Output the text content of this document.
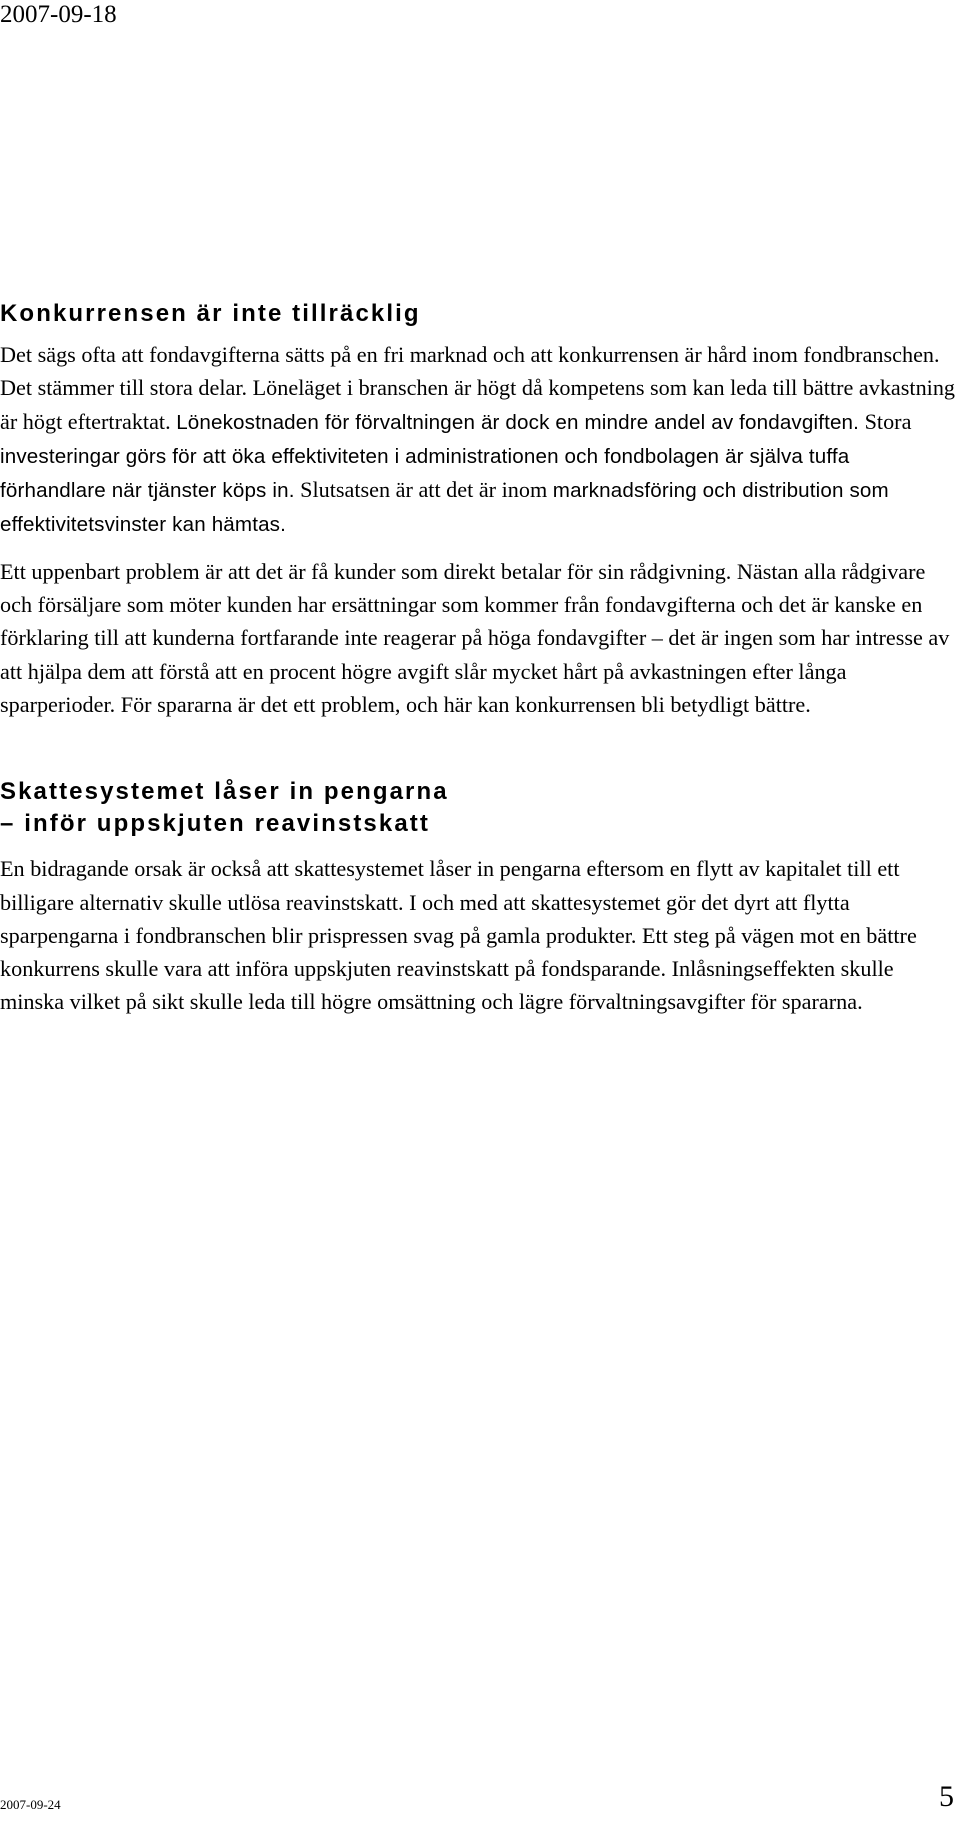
2007-09-18
Konkurrensen är inte tillräcklig

Det sägs ofta att fondavgifterna sätts på en fri marknad och att konkurrensen är hård inom fondbranschen. Det stämmer till stora delar. Löneläget i branschen är högt då kompetens som kan leda till bättre avkastning är högt eftertraktat. Lönekostnaden för förvaltningen är dock en mindre andel av fondavgiften. Stora investeringar görs för att öka effektiviteten i administrationen och fondbolagen är själva tuffa förhandlare när tjänster köps in. Slutsatsen är att det är inom marknadsföring och distribution som effektivitetsvinster kan hämtas.

Ett uppenbart problem är att det är få kunder som direkt betalar för sin rådgivning. Nästan alla rådgivare och försäljare som möter kunden har ersättningar som kommer från fondavgifterna och det är kanske en förklaring till att kunderna fortfarande inte reagerar på höga fondavgifter – det är ingen som har intresse av att hjälpa dem att förstå att en procent högre avgift slår mycket hårt på avkastningen efter långa sparperioder. För spararna är det ett problem, och här kan konkurrensen bli betydligt bättre.

Skattesystemet låser in pengarna
– inför uppskjuten reavinstskatt

En bidragande orsak är också att skattesystemet låser in pengarna eftersom en flytt av kapitalet till ett billigare alternativ skulle utlösa reavinstskatt. I och med att skattesystemet gör det dyrt att flytta sparpengarna i fondbranschen blir prispressen svag på gamla produkter. Ett steg på vägen mot en bättre konkurrens skulle vara att införa uppskjuten reavinstskatt på fondsparande. Inlåsningseffekten skulle minska vilket på sikt skulle leda till högre omsättning och lägre förvaltningsavgifter för spararna.

2007-09-24	5
